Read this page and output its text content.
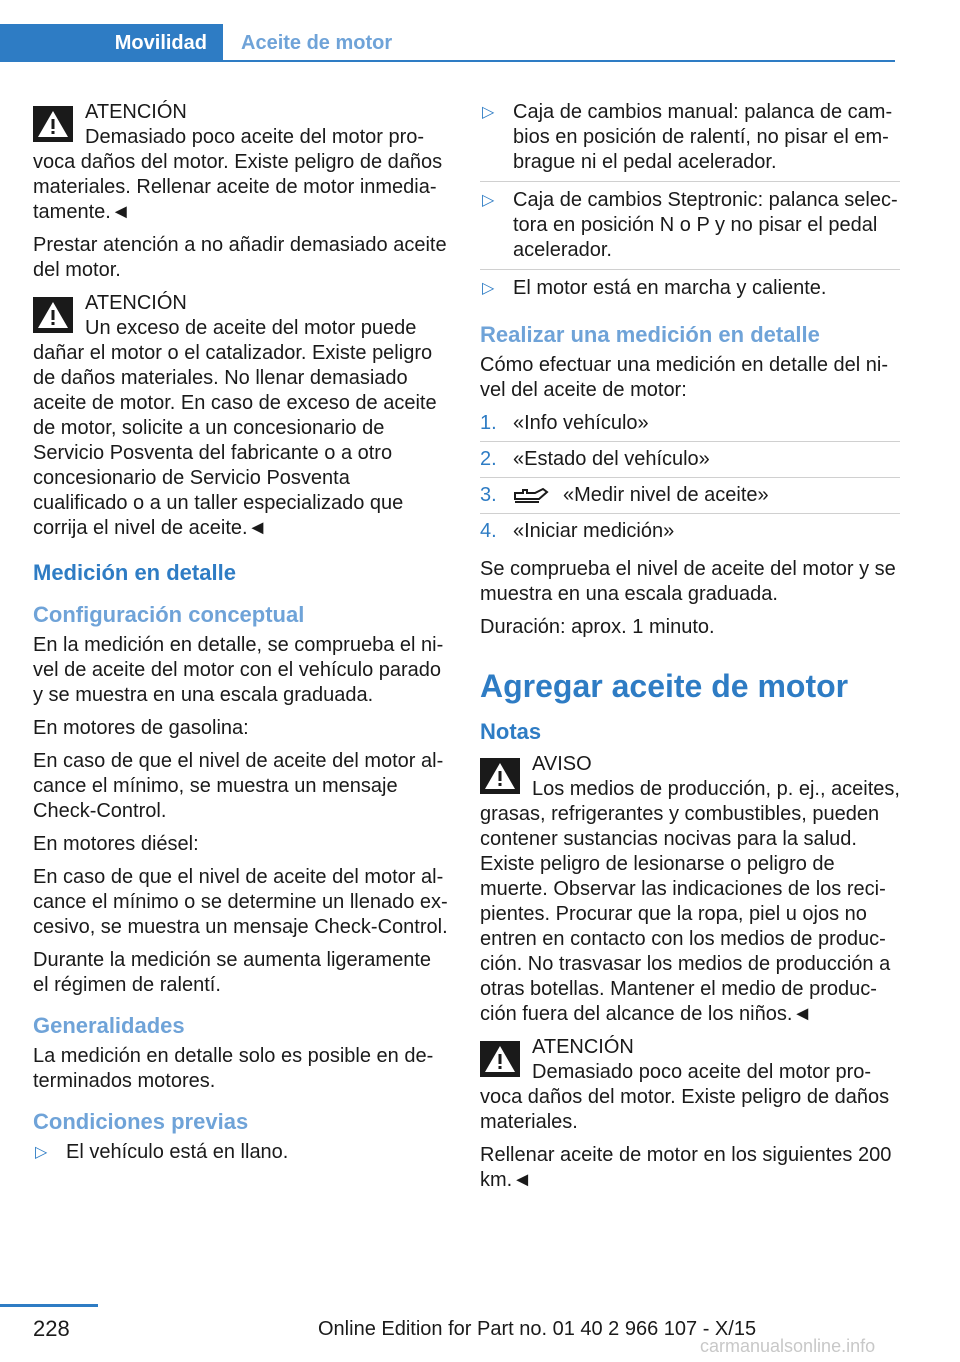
Movilidad	Aceite de motor
ATENCIÓN
Demasiado poco aceite del motor provoca daños del motor. Existe peligro de daños materiales. Rellenar aceite de motor inmediatamente.◄

Prestar atención a no añadir demasiado aceite del motor.

ATENCIÓN
Un exceso de aceite del motor puede dañar el motor o el catalizador. Existe peligro de daños materiales. No llenar demasiado aceite de motor. En caso de exceso de aceite de motor, solicite a un concesionario de Servicio Posventa del fabricante o a otro concesionario de Servicio Posventa cualificado o a un taller especializado que corrija el nivel de aceite.◄
Medición en detalle
Configuración conceptual

En la medición en detalle, se comprueba el nivel de aceite del motor con el vehículo parado y se muestra en una escala graduada.

En motores de gasolina:

En caso de que el nivel de aceite del motor alcance el mínimo, se muestra un mensaje Check-Control.

En motores diésel:

En caso de que el nivel de aceite del motor alcance el mínimo o se determine un llenado excesivo, se muestra un mensaje Check-Control.

Durante la medición se aumenta ligeramente el régimen de ralentí.

Generalidades

La medición en detalle solo es posible en determinados motores.

Condiciones previas
▷ El vehículo está en llano.
▷ Caja de cambios manual: palanca de cambios en posición de ralentí, no pisar el embrague ni el pedal acelerador.
▷ Caja de cambios Steptronic: palanca selectora en posición N o P y no pisar el pedal acelerador.
▷ El motor está en marcha y caliente.
Realizar una medición en detalle

Cómo efectuar una medición en detalle del nivel del aceite de motor:

1. «Info vehículo»
2. «Estado del vehículo»
3.	«Medir nivel de aceite»
4. «Iniciar medición»

Se comprueba el nivel de aceite del motor y se muestra en una escala graduada.

Duración: aprox. 1 minuto.

Agregar aceite de motor
Notas
AVISO
Los medios de producción, p. ej., aceites, grasas, refrigerantes y combustibles, pueden contener sustancias nocivas para la salud. Existe peligro de lesionarse o peligro de muerte. Observar las indicaciones de los recipientes. Procurar que la ropa, piel u ojos no entren en contacto con los medios de producción. No trasvasar los medios de producción a otras botellas. Mantener el medio de producción fuera del alcance de los niños.◄
ATENCIÓN
Demasiado poco aceite del motor provoca daños del motor. Existe peligro de daños materiales.

Rellenar aceite de motor en los siguientes 200 km.◄

228	Online Edition for Part no. 01 40 2 966 107 - X/15
carmanualsonline.info
